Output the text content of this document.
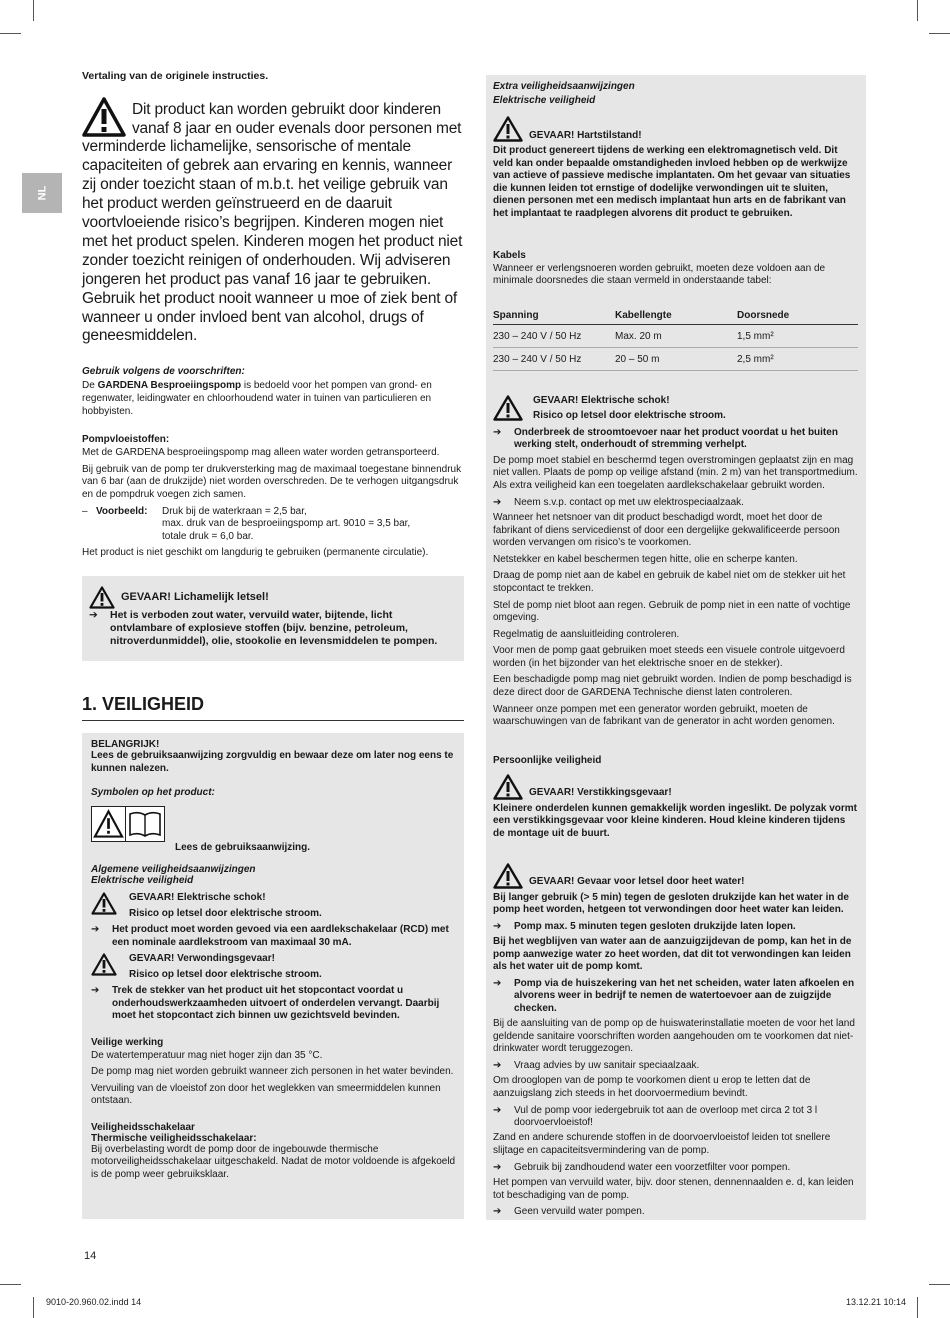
NL
Vertaling van de originele instructies.
Dit product kan worden gebruikt door kinderen vanaf 8 jaar en ouder evenals door personen met verminderde lichamelijke, sensorische of mentale capaciteiten of gebrek aan ervaring en kennis, wanneer zij onder toezicht staan of m.b.t. het veilige gebruik van het product werden geïnstrueerd en de daaruit voortvloeiende risico’s begrijpen. Kinderen mogen niet met het product spelen. Kinderen mogen het product niet zonder toezicht reinigen of onderhouden. Wij adviseren jongeren het product pas vanaf 16 jaar te gebruiken. Gebruik het product nooit wanneer u moe of ziek bent of wanneer u onder invloed bent van alcohol, drugs of geneesmiddelen.
Gebruik volgens de voorschriften:
De GARDENA Besproeiingspomp is bedoeld voor het pompen van grond- en regenwater, leidingwater en chloorhoudend water in tuinen van particulieren en hobbyisten.
Pompvloeistoffen:
Met de GARDENA besproeiingspomp mag alleen water worden getransporteerd.
Bij gebruik van de pomp ter drukversterking mag de maximaal toegestane binnendruk van 6 bar (aan de drukzijde) niet worden overschreden. De te verhogen uitgangsdruk en de pompdruk voegen zich samen.
– Voorbeeld:	Druk bij de waterkraan = 2,5 bar,
max. druk van de besproeiingspomp art. 9010 = 3,5 bar,
totale druk = 6,0 bar.
Het product is niet geschikt om langdurig te gebruiken (permanente circulatie).
GEVAAR! Lichamelijk letsel!
➔ Het is verboden zout water, vervuild water, bijtende, licht ontvlambare of explosieve stoffen (bijv. benzine, petroleum, nitroverdunmiddel), olie, stookolie en levensmiddelen te pompen.
1. VEILIGHEID
BELANGRIJK!
Lees de gebruiksaanwijzing zorgvuldig en bewaar deze om later nog eens te kunnen nalezen.
Symbolen op het product:
Lees de gebruiksaanwijzing.
Algemene veiligheidsaanwijzingen
Elektrische veiligheid
GEVAAR! Elektrische schok!
Risico op letsel door elektrische stroom.
➔ Het product moet worden gevoed via een aardlekschakelaar (RCD) met een nominale aardlekstroom van maximaal 30 mA.
GEVAAR! Verwondingsgevaar!
Risico op letsel door elektrische stroom.
➔ Trek de stekker van het product uit het stopcontact voordat u onderhoudswerkzaamheden uitvoert of onderdelen vervangt. Daarbij moet het stopcontact zich binnen uw gezichtsveld bevinden.
Veilige werking
De watertemperatuur mag niet hoger zijn dan 35 °C.
De pomp mag niet worden gebruikt wanneer zich personen in het water bevinden.
Vervuiling van de vloeistof zon door het weglekken van smeermiddelen kunnen ontstaan.
Veiligheidsschakelaar
Thermische veiligheidsschakelaar:
Bij overbelasting wordt de pomp door de ingebouwde thermische motorveiligheidsschakelaar uitgeschakeld. Nadat de motor voldoende is afgekoeld is de pomp weer gebruiksklaar.
Extra veiligheidsaanwijzingen
Elektrische veiligheid
GEVAAR! Hartstilstand!
Dit product genereert tijdens de werking een elektromagnetisch veld. Dit veld kan onder bepaalde omstandigheden invloed hebben op de werkwijze van actieve of passieve medische implantaten. Om het gevaar van situaties die kunnen leiden tot ernstige of dodelijke verwondingen uit te sluiten, dienen personen met een medisch implantaat hun arts en de fabrikant van het implantaat te raadplegen alvorens dit product te gebruiken.
Kabels
Wanneer er verlengsnoeren worden gebruikt, moeten deze voldoen aan de minimale doorsnedes die staan vermeld in onderstaande tabel:
Spanning	Kabellengte	Doorsnede
230 – 240 V / 50 Hz	Max. 20 m	1,5 mm²
230 – 240 V / 50 Hz	20 – 50 m	2,5 mm²
GEVAAR! Elektrische schok!
Risico op letsel door elektrische stroom.
➔ Onderbreek de stroomtoevoer naar het product voordat u het buiten werking stelt, onderhoudt of stremming verhelpt.
De pomp moet stabiel en beschermd tegen overstromingen geplaatst zijn en mag niet vallen. Plaats de pomp op veilige afstand (min. 2 m) van het transportmedium. Als extra veiligheid kan een toegelaten aardlekschakelaar gebruikt worden.
➔ Neem s.v.p. contact op met uw elektrospeciaalzaak.
Wanneer het netsnoer van dit product beschadigd wordt, moet het door de fabrikant of diens servicedienst of door een dergelijke gekwalificeerde persoon worden vervangen om risico’s te voorkomen.
Netstekker en kabel beschermen tegen hitte, olie en scherpe kanten.
Draag de pomp niet aan de kabel en gebruik de kabel niet om de stekker uit het stopcontact te trekken.
Stel de pomp niet bloot aan regen. Gebruik de pomp niet in een natte of vochtige omgeving.
Regelmatig de aansluitleiding controleren.
Voor men de pomp gaat gebruiken moet steeds een visuele controle uitgevoerd worden (in het bijzonder van het elektrische snoer en de stekker).
Een beschadigde pomp mag niet gebruikt worden. Indien de pomp beschadigd is deze direct door de GARDENA Technische dienst laten controleren.
Wanneer onze pompen met een generator worden gebruikt, moeten de waarschuwingen van de fabrikant van de generator in acht worden genomen.
Persoonlijke veiligheid
GEVAAR! Verstikkingsgevaar!
Kleinere onderdelen kunnen gemakkelijk worden ingeslikt. De polyzak vormt een verstikkingsgevaar voor kleine kinderen. Houd kleine kinderen tijdens de montage uit de buurt.
GEVAAR! Gevaar voor letsel door heet water!
Bij langer gebruik (> 5 min) tegen de gesloten drukzijde kan het water in de pomp heet worden, hetgeen tot verwondingen door heet water kan leiden.
➔ Pomp max. 5 minuten tegen gesloten drukzijde laten lopen.
Bij het wegblijven van water aan de aanzuigzijdevan de pomp, kan het in de pomp aanwezige water zo heet worden, dat dit tot verwondingen kan leiden als het water uit de pomp komt.
➔ Pomp via de huiszekering van het net scheiden, water laten afkoelen en alvorens weer in bedrijf te nemen de watertoevoer aan de zuigzijde checken.
Bij de aansluiting van de pomp op de huiswaterinstallatie moeten de voor het land geldende sanitaire voorschriften worden aangehouden om te voorkomen dat niet-drinkwater wordt teruggezogen.
➔ Vraag advies by uw sanitair speciaalzaak.
Om drooglopen van de pomp te voorkomen dient u erop te letten dat de aanzuigslang zich steeds in het doorvoermedium bevindt.
➔ Vul de pomp voor iedergebruik tot aan de overloop met circa 2 tot 3 l doorvoervloeistof!
Zand en andere schurende stoffen in de doorvoervloeistof leiden tot snellere slijtage en capaciteitsvermindering van de pomp.
➔ Gebruik bij zandhoudend water een voorzetfilter voor pompen.
Het pompen van vervuild water, bijv. door stenen, dennennaalden e. d, kan leiden tot beschadiging van de pomp.
➔ Geen vervuild water pompen.
14
9010-20.960.02.indd 14	13.12.21 10:14
